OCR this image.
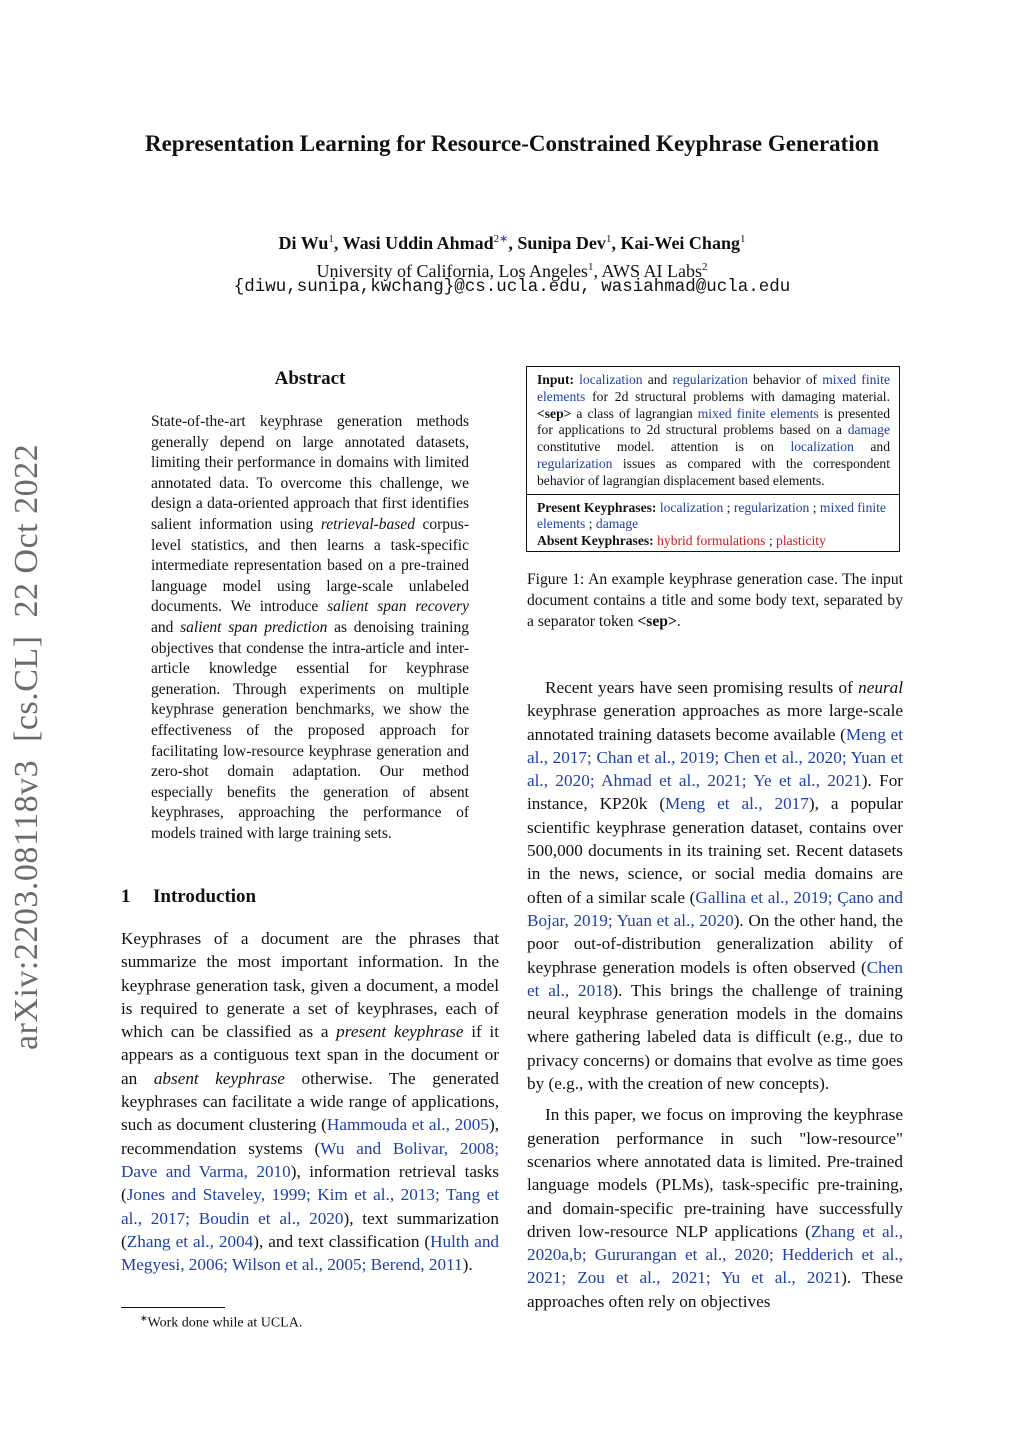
Representation Learning for Resource-Constrained Keyphrase Generation
Di Wu$^1$, Wasi Uddin Ahmad$^{2∗}$, Sunipa Dev$^1$, Kai-Wei Chang$^1$
University of California, Los Angeles$^1$, AWS AI Labs$^2$
{diwu,sunipa,kwchang}@cs.ucla.edu, wasiahmad@ucla.edu
arXiv:2203.08118v3  [cs.CL]  22 Oct 2022
Abstract
State-of-the-art keyphrase generation methods generally depend on large annotated datasets, limiting their performance in domains with limited annotated data. To overcome this challenge, we design a data-oriented approach that first identifies salient information using retrieval-based corpus-level statistics, and then learns a task-specific intermediate representation based on a pre-trained language model using large-scale unlabeled documents. We introduce salient span recovery and salient span prediction as denoising training objectives that condense the intra-article and inter-article knowledge essential for keyphrase generation. Through experiments on multiple keyphrase generation benchmarks, we show the effectiveness of the proposed approach for facilitating low-resource keyphrase generation and zero-shot domain adaptation. Our method especially benefits the generation of absent keyphrases, approaching the performance of models trained with large training sets.
1 Introduction

Keyphrases of a document are the phrases that summarize the most important information. In the keyphrase generation task, given a document, a model is required to generate a set of keyphrases, each of which can be classified as a present keyphrase if it appears as a contiguous text span in the document or an absent keyphrase otherwise. The generated keyphrases can facilitate a wide range of applications, such as document clustering (Hammouda et al., 2005), recommendation systems (Wu and Bolivar, 2008; Dave and Varma, 2010), information retrieval tasks (Jones and Staveley, 1999; Kim et al., 2013; Tang et al., 2017; Boudin et al., 2020), text summarization (Zhang et al., 2004), and text classification (Hulth and Megyesi, 2006; Wilson et al., 2005; Berend, 2011).

∗Work done while at UCLA.
Input: localization and regularization behavior of mixed finite elements for 2d structural problems with damaging material. <sep> a class of lagrangian mixed finite elements is presented for applications to 2d structural problems based on a damage constitutive model. attention is on localization and regularization issues as compared with the correspondent behavior of lagrangian displacement based elements.
Present Keyphrases: localization ; regularization ; mixed finite elements ; damage
Absent Keyphrases: hybrid formulations ; plasticity
Figure 1: An example keyphrase generation case. The input document contains a title and some body text, separated by a separator token <sep>.

Recent years have seen promising results of neural keyphrase generation approaches as more large-scale annotated training datasets become available (Meng et al., 2017; Chan et al., 2019; Chen et al., 2020; Yuan et al., 2020; Ahmad et al., 2021; Ye et al., 2021). For instance, KP20k (Meng et al., 2017), a popular scientific keyphrase generation dataset, contains over 500,000 documents in its training set. Recent datasets in the news, science, or social media domains are often of a similar scale (Gallina et al., 2019; Çano and Bojar, 2019; Yuan et al., 2020). On the other hand, the poor out-of-distribution generalization ability of keyphrase generation models is often observed (Chen et al., 2018). This brings the challenge of training neural keyphrase generation models in the domains where gathering labeled data is difficult (e.g., due to privacy concerns) or domains that evolve as time goes by (e.g., with the creation of new concepts).

In this paper, we focus on improving the keyphrase generation performance in such "low-resource" scenarios where annotated data is limited. Pre-trained language models (PLMs), task-specific pre-training, and domain-specific pre-training have successfully driven low-resource NLP applications (Zhang et al., 2020a,b; Gururangan et al., 2020; Hedderich et al., 2021; Zou et al., 2021; Yu et al., 2021). These approaches often rely on objectives
